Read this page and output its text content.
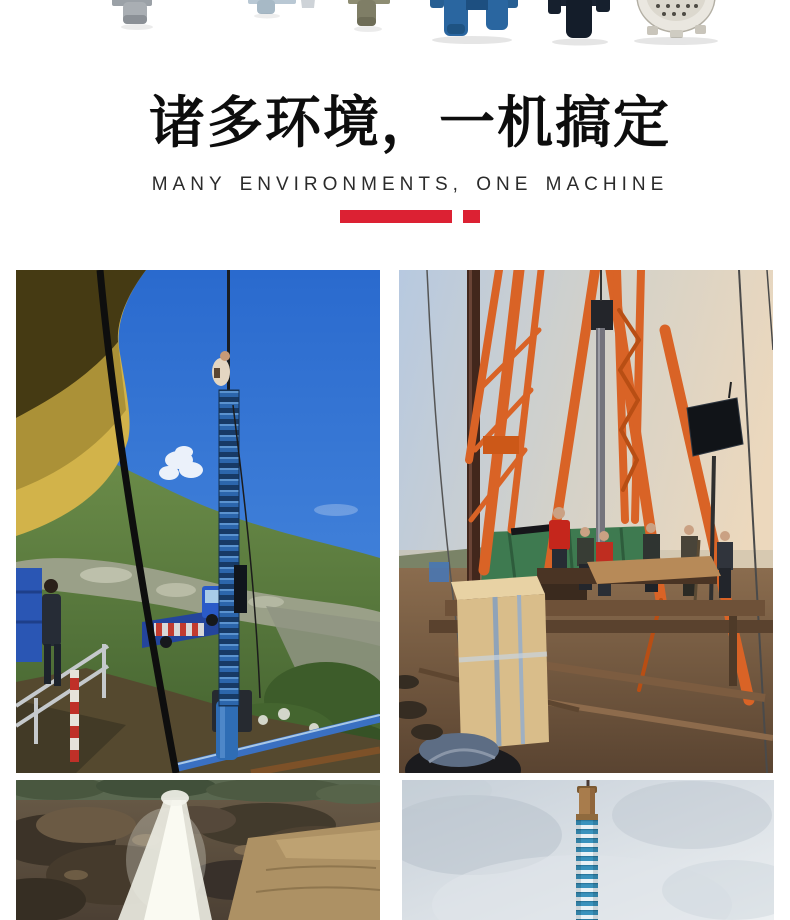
诸多环境，一机搞定
MANY ENVIRONMENTS, ONE MACHINE
